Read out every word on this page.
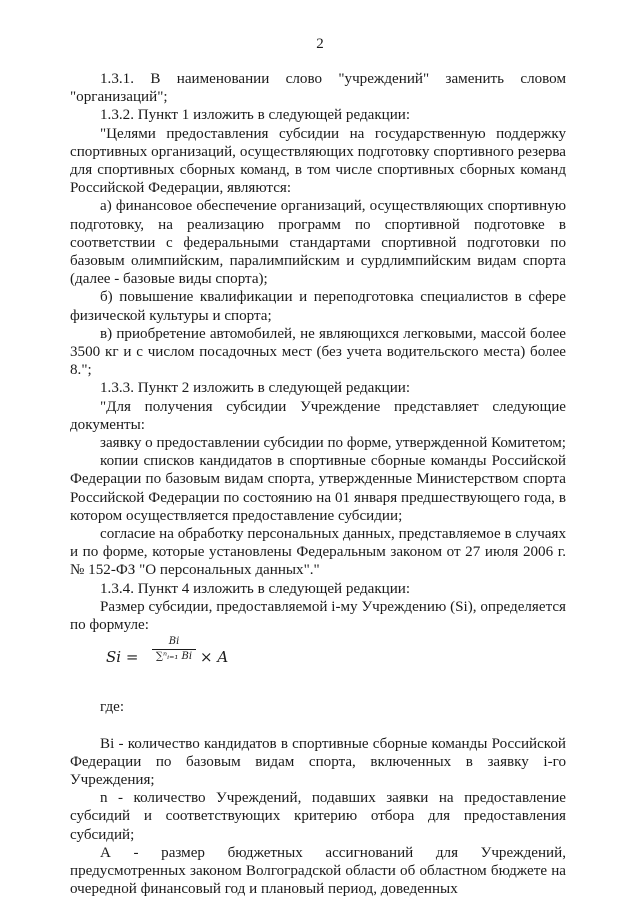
2

1.3.1. В наименовании слово "учреждений" заменить словом "организаций";

1.3.2. Пункт 1 изложить в следующей редакции:

"Целями предоставления субсидии на государственную поддержку спортивных организаций, осуществляющих подготовку спортивного резерва для спортивных сборных команд, в том числе спортивных сборных команд Российской Федерации, являются:

а) финансовое обеспечение организаций, осуществляющих спортивную подготовку, на реализацию программ по спортивной подготовке в соответствии с федеральными стандартами спортивной подготовки по базовым олимпийским, паралимпийским и сурдлимпийским видам спорта (далее - базовые виды спорта);

б) повышение квалификации и переподготовка специалистов в сфере физической культуры и спорта;

в) приобретение автомобилей, не являющихся легковыми, массой более 3500 кг и с числом посадочных мест (без учета водительского места) более 8.";

1.3.3. Пункт 2 изложить в следующей редакции:

"Для получения субсидии Учреждение представляет следующие документы:

заявку о предоставлении субсидии по форме, утвержденной Комитетом;

копии списков кандидатов в спортивные сборные команды Российской Федерации по базовым видам спорта, утвержденные Министерством спорта Российской Федерации по состоянию на 01 января предшествующего года, в котором осуществляется предоставление субсидии;

согласие на обработку персональных данных, представляемое в случаях и по форме, которые установлены Федеральным законом от 27 июля 2006 г. № 152-ФЗ "О персональных данных"."

1.3.4. Пункт 4 изложить в следующей редакции:

Размер субсидии, предоставляемой i-му Учреждению (Si), определяется по формуле:

Si =
Bi
∑ⁿᵢ₌₁ Bi × A

где:

Bi - количество кандидатов в спортивные сборные команды Российской Федерации по базовым видам спорта, включенных в заявку i-го Учреждения;

n - количество Учреждений, подавших заявки на предоставление субсидий и соответствующих критерию отбора для предоставления субсидий;

А - размер бюджетных ассигнований для Учреждений, предусмотренных законом Волгоградской области об областном бюджете на очередной финансовый год и плановый период, доведенных
